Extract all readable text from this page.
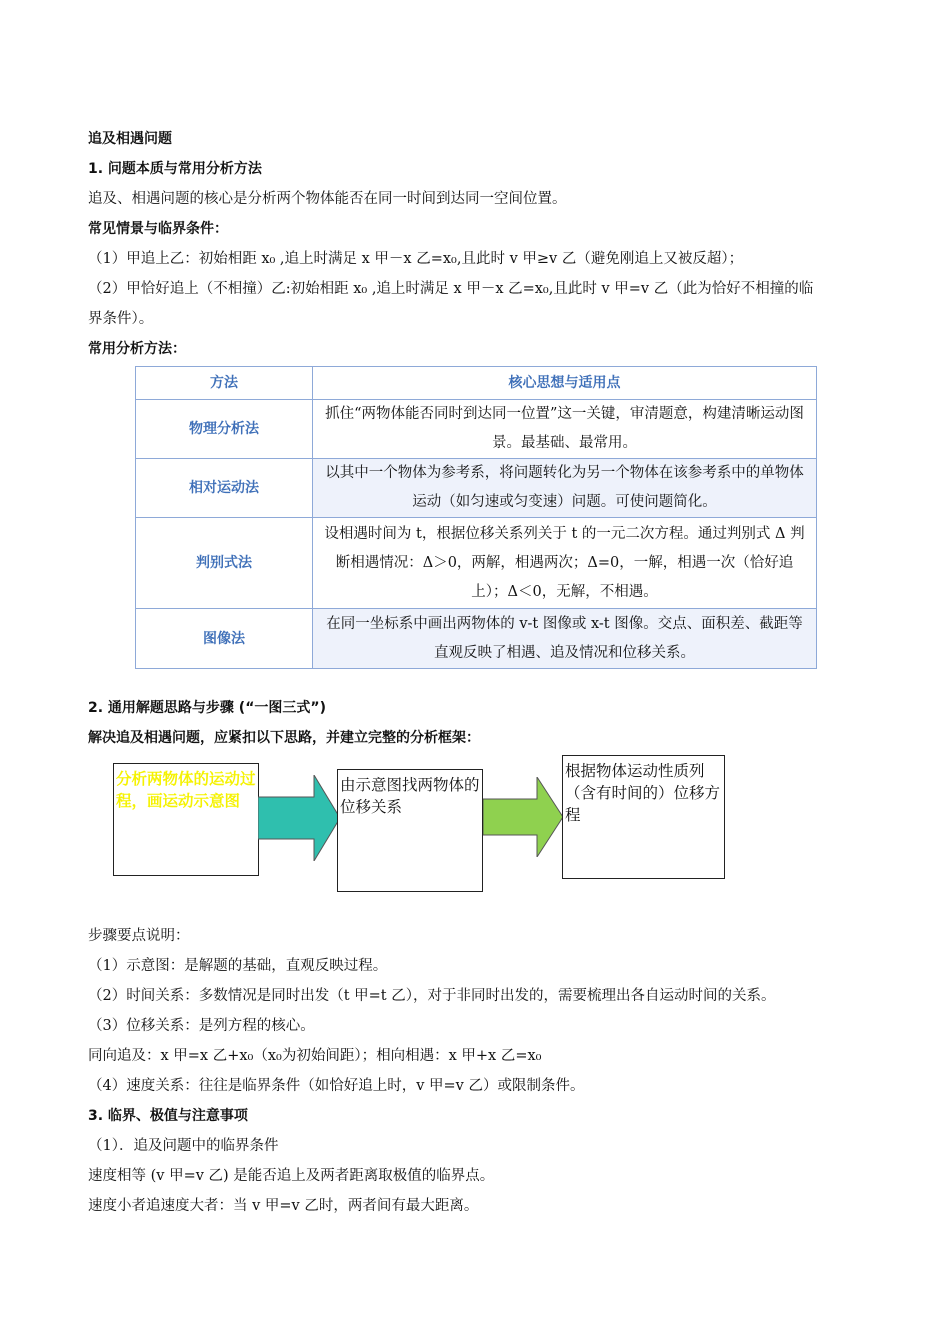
追及相遇问题

1. 问题本质与常用分析方法

追及、相遇问题的核心是分析两个物体能否在同一时间到达同一空间位置。

常见情景与临界条件：

（1）甲追上乙：初始相距 x₀ ,追上时满足 x 甲－x 乙=x₀,且此时 v 甲≥v 乙（避免刚追上又被反超）；

（2）甲恰好追上（不相撞）乙:初始相距 x₀ ,追上时满足 x 甲－x 乙=x₀,且此时 v 甲=v 乙（此为恰好不相撞的临

界条件）。

常用分析方法：

方法	核心思想与适用点
物理分析法	抓住“两物体能否同时到达同一位置”这一关键，审清题意，构建清晰运动图景。最基础、最常用。
相对运动法	以其中一个物体为参考系，将问题转化为另一个物体在该参考系中的单物体运动（如匀速或匀变速）问题。可使问题简化。
判别式法	设相遇时间为 t，根据位移关系列关于 t 的一元二次方程。通过判别式 Δ 判断相遇情况：Δ＞0，两解，相遇两次；Δ=0，一解，相遇一次（恰好追上）；Δ＜0，无解，不相遇。
图像法	在同一坐标系中画出两物体的 v-t 图像或 x-t 图像。交点、面积差、截距等直观反映了相遇、追及情况和位移关系。

2. 通用解题思路与步骤 (“一图三式”)

解决追及相遇问题，应紧扣以下思路，并建立完整的分析框架：

分析两物体的运动过程，画运动示意图
由示意图找两物体的位移关系
根据物体运动性质列（含有时间的）位移方程

步骤要点说明：

（1）示意图：是解题的基础，直观反映过程。

（2）时间关系：多数情况是同时出发（t 甲=t 乙），对于非同时出发的，需要梳理出各自运动时间的关系。

（3）位移关系：是列方程的核心。

同向追及：x 甲=x 乙+x₀（x₀为初始间距）；相向相遇：x 甲+x 乙=x₀

（4）速度关系：往往是临界条件（如恰好追上时，v 甲=v 乙）或限制条件。

3. 临界、极值与注意事项

（1）．追及问题中的临界条件

速度相等 (v 甲=v 乙) 是能否追上及两者距离取极值的临界点。

速度小者追速度大者：当 v 甲=v 乙时，两者间有最大距离。
